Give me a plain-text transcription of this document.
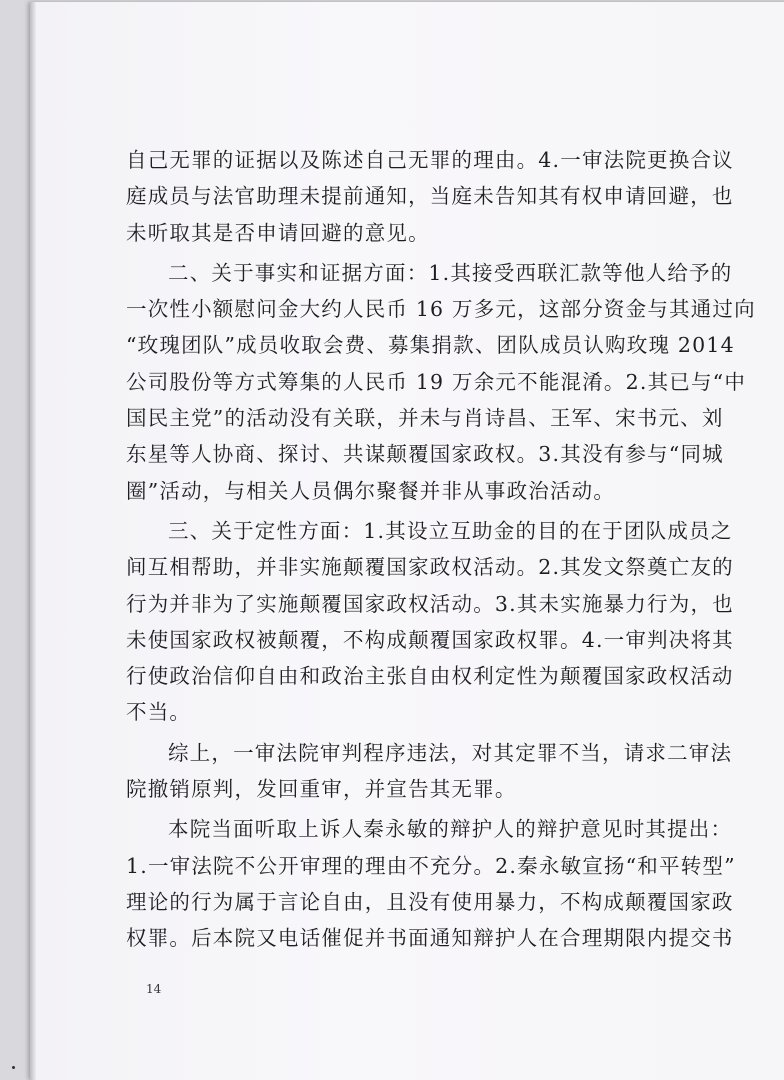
自己无罪的证据以及陈述自己无罪的理由。4.一审法院更换合议
庭成员与法官助理未提前通知，当庭未告知其有权申请回避，也
未听取其是否申请回避的意见。
二、关于事实和证据方面：1.其接受西联汇款等他人给予的
一次性小额慰问金大约人民币 16 万多元，这部分资金与其通过向
“玫瑰团队”成员收取会费、募集捐款、团队成员认购玫瑰 2014
公司股份等方式筹集的人民币 19 万余元不能混淆。2.其已与“中
国民主党”的活动没有关联，并未与肖诗昌、王军、宋书元、刘
东星等人协商、探讨、共谋颠覆国家政权。3.其没有参与“同城
圈”活动，与相关人员偶尔聚餐并非从事政治活动。
三、关于定性方面：1.其设立互助金的目的在于团队成员之
间互相帮助，并非实施颠覆国家政权活动。2.其发文祭奠亡友的
行为并非为了实施颠覆国家政权活动。3.其未实施暴力行为，也
未使国家政权被颠覆，不构成颠覆国家政权罪。4.一审判决将其
行使政治信仰自由和政治主张自由权利定性为颠覆国家政权活动
不当。
综上，一审法院审判程序违法，对其定罪不当，请求二审法
院撤销原判，发回重审，并宣告其无罪。
本院当面听取上诉人秦永敏的辩护人的辩护意见时其提出：
1.一审法院不公开审理的理由不充分。2.秦永敏宣扬“和平转型”
理论的行为属于言论自由，且没有使用暴力，不构成颠覆国家政
权罪。后本院又电话催促并书面通知辩护人在合理期限内提交书
14
